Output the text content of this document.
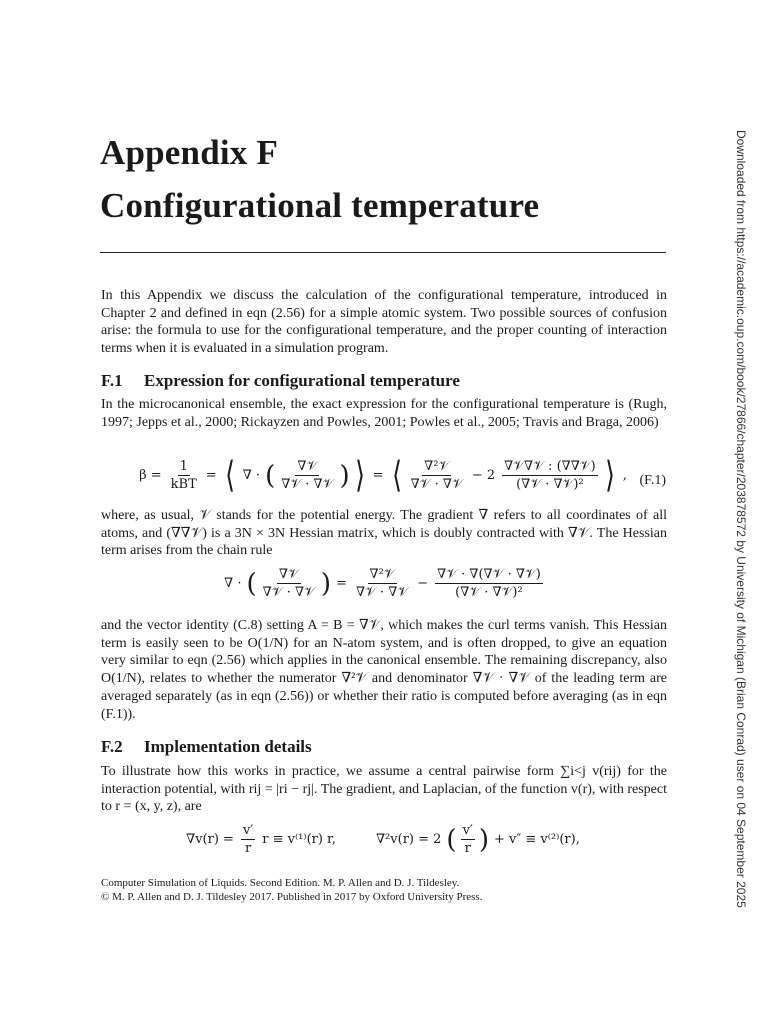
Appendix F
Configurational temperature

In this Appendix we discuss the calculation of the configurational temperature, introduced in Chapter 2 and defined in eqn (2.56) for a simple atomic system. Two possible sources of confusion arise: the formula to use for the configurational temperature, and the proper counting of interaction terms when it is evaluated in a simulation program.

F.1 Expression for configurational temperature

In the microcanonical ensemble, the exact expression for the configurational temperature is (Rugh, 1997; Jepps et al., 2000; Rickayzen and Powles, 2001; Powles et al., 2005; Travis and Braga, 2006)

$\beta = \frac{1}{\text{kBT}}$ = ⟨ ∇ · ( $\frac{\text{∇𝒱}}{\text{∇𝒱 · ∇𝒱}}$ ) ⟩ = ⟨ $\frac{\text{∇²𝒱}}{\text{∇𝒱 · ∇𝒱}} - 2 \frac{\text{∇𝒱∇𝒱 : (∇∇𝒱)}}{\text{(∇𝒱 · ∇𝒱)²}}$ ⟩ , (F.1)

where, as usual, 𝒱 stands for the potential energy. The gradient ∇ refers to all coordinates of all atoms, and (∇∇𝒱) is a 3N × 3N Hessian matrix, which is doubly contracted with ∇𝒱. The Hessian term arises from the chain rule

∇ · ( $\frac{\text{∇𝒱}}{\text{∇𝒱 · ∇𝒱}}$ ) = $\frac{\text{∇²𝒱}}{\text{∇𝒱 · ∇𝒱}} - \frac{\text{∇𝒱 · ∇(∇𝒱 · ∇𝒱)}}{\text{(∇𝒱 · ∇𝒱)²}}$

and the vector identity (C.8) setting A = B = ∇𝒱, which makes the curl terms vanish. This Hessian term is easily seen to be O(1/N) for an N-atom system, and is often dropped, to give an equation very similar to eqn (2.56) which applies in the canonical ensemble. The remaining discrepancy, also O(1/N), relates to whether the numerator ∇²𝒱 and denominator ∇𝒱 · ∇𝒱 of the leading term are averaged separately (as in eqn (2.56)) or whether their ratio is computed before averaging (as in eqn (F.1)).

F.2 Implementation details

To illustrate how this works in practice, we assume a central pairwise form ∑i<j v(rij) for the interaction potential, with rij = |ri − rj|. The gradient, and Laplacian, of the function v(r), with respect to r = (x, y, z), are

$\nabla v(r) = \frac{v'}{r}$ r ≡ v⁽¹⁾(r) r,	∇²v(r) = 2 ( $\frac{v'}{r}$ ) + v″ ≡ v⁽²⁾(r),
Computer Simulation of Liquids. Second Edition. M. P. Allen and D. J. Tildesley.
© M. P. Allen and D. J. Tildesley 2017. Published in 2017 by Oxford University Press.	Downloaded from https://academic.oup.com/book/27866/chapter/203878572 by University of Michigan (Brian Conrad) user on 04 September 2025
